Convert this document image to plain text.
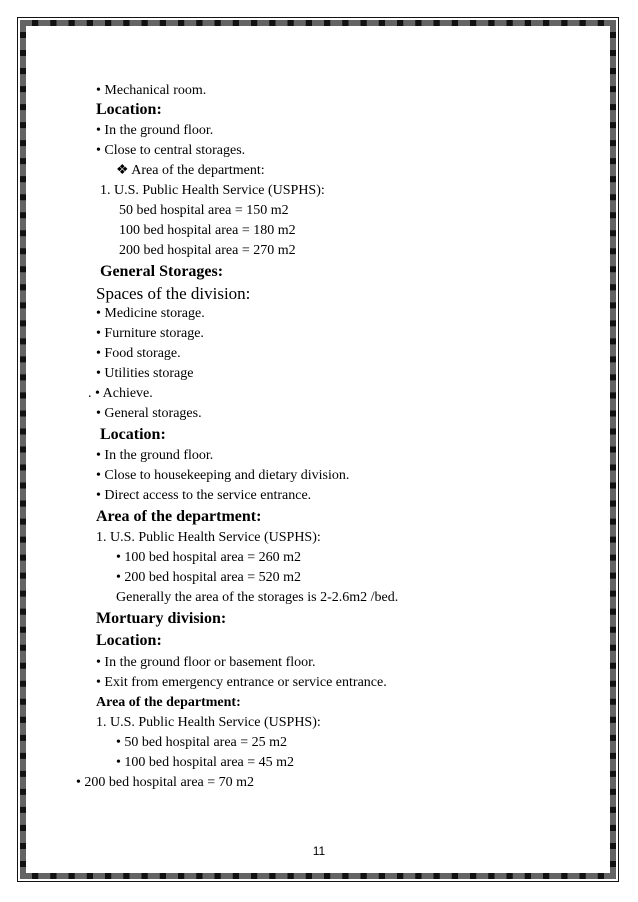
• Mechanical room.
Location:
• In the ground floor.
• Close to central storages.
❖ Area of the department:
1. U.S. Public Health Service (USPHS):
50 bed hospital area = 150 m2
100 bed hospital area = 180 m2
200 bed hospital area = 270 m2
General Storages:
Spaces of the division:
• Medicine storage.
• Furniture storage.
• Food storage.
• Utilities storage
. • Achieve.
• General storages.
Location:
• In the ground floor.
• Close to housekeeping and dietary division.
• Direct access to the service entrance.
Area of the department:
1. U.S. Public Health Service (USPHS):
• 100 bed hospital area = 260 m2
• 200 bed hospital area = 520 m2
Generally the area of the storages is 2-2.6m2 /bed.
Mortuary division:
Location:
• In the ground floor or basement floor.
• Exit from emergency entrance or service entrance.
Area of the department:
1. U.S. Public Health Service (USPHS):
• 50 bed hospital area = 25 m2
• 100 bed hospital area = 45 m2
• 200 bed hospital area = 70 m2
11
